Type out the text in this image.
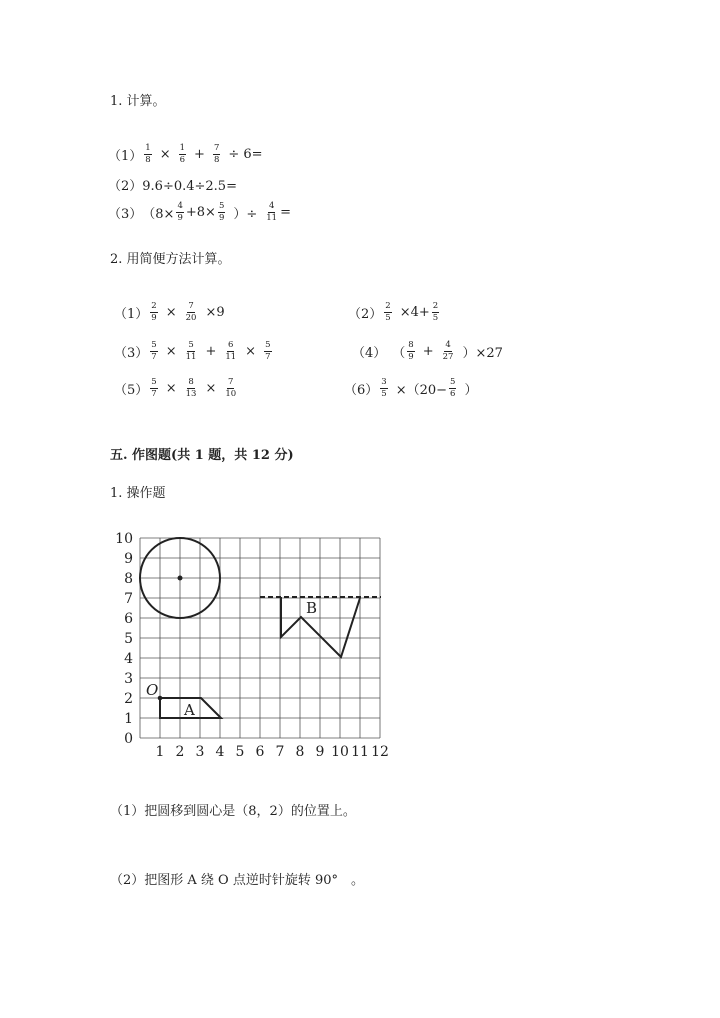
1. 计算。
$(1) \frac{1}{8} \times \frac{1}{6} + \frac{7}{8} \div 6=$
（2）9.6÷0.4÷2.5=
（3） （$8\times \frac{4}{9} +8\times \frac{5}{9}$ ）÷ $\frac{4}{11}$ =
2. 用简便方法计算。
$(1) \frac{2}{9} \times \frac{7}{20} \times 9$	$(2) \frac{2}{5} \times 4+ \frac{2}{5}$
$(3) \frac{5}{7} \times \frac{5}{11} + \frac{6}{11} \times \frac{5}{7}$	（4） （ $\frac{8}{9} + \frac{4}{27} )\times 27$
$(5) \frac{5}{7} \times \frac{8}{13} \times \frac{7}{10}$	$(6) \frac{3}{5} \times(20- \frac{5}{6}$ ）
五. 作图题(共 1 题，共 12 分)
1. 操作题
1 2 3 4 5 6 7 8 9 10 11 12
0
1
2
3
4
5
6
7
8
9
10
O
A
B
（1）把圆移到圆心是（8，2）的位置上。
（2）把图形 A 绕 O 点逆时针旋转 90°　。
